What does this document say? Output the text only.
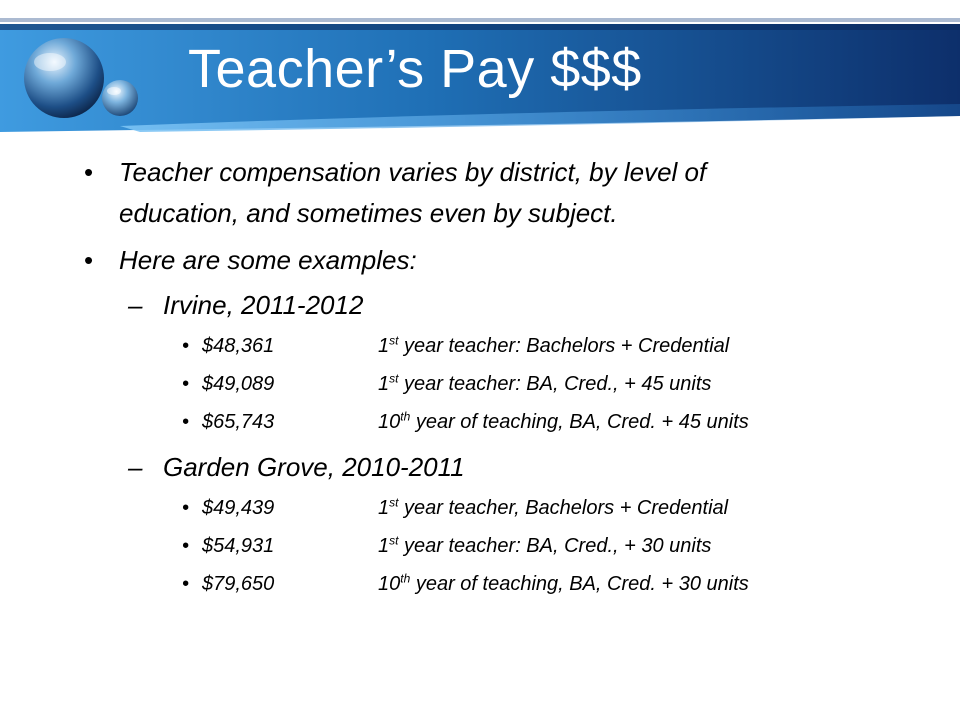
Teacher’s Pay $$$
• Teacher compensation varies by district, by level of
education, and sometimes even by subject.
• Here are some examples:
– Irvine, 2011-2012
• $48,361	1st year teacher: Bachelors + Credential
• $49,089	1st year teacher: BA, Cred., + 45 units
• $65,743	10th year of teaching, BA, Cred. + 45 units
– Garden Grove, 2010-2011
• $49,439	1st year teacher, Bachelors + Credential
• $54,931	1st year teacher: BA, Cred., + 30 units
• $79,650	10th year of teaching, BA, Cred. + 30 units
